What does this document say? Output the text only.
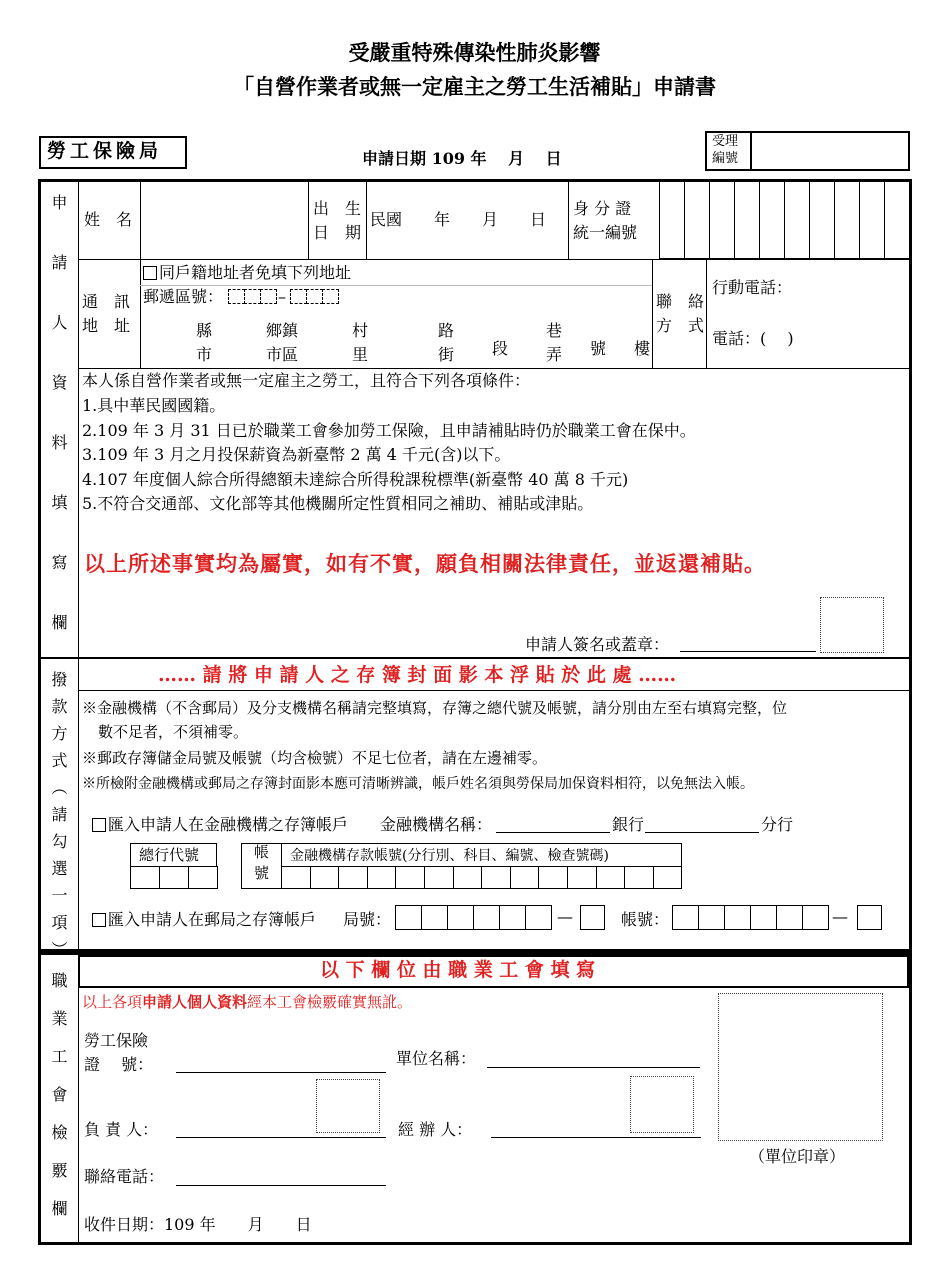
受嚴重特殊傳染性肺炎影響
「自營作業者或無一定雇主之勞工生活補貼」申請書
勞工保險局	申請日期 109 年　 月　 日
受理
編號
申
請
人
資
料
填
寫
欄
姓　名
出　生
日　期
民國　　年　　月　　日
身 分 證
統一編號
通　訊
地　址
同戶籍地址者免填下列地址
郵遞區號：	–
縣	鄉鎮	村	路	巷
市	市區	里	街 段 弄 號 樓
聯　絡
方　式
行動電話：
電話：(　 )
本人係自營作業者或無一定雇主之勞工，且符合下列各項條件：
1.具中華民國國籍。
2.109 年 3 月 31 日已於職業工會參加勞工保險，且申請補貼時仍於職業工會在保中。
3.109 年 3 月之月投保薪資為新臺幣 2 萬 4 千元(含)以下。
4.107 年度個人綜合所得總額未達綜合所得稅課稅標準(新臺幣 40 萬 8 千元)
5.不符合交通部、文化部等其他機關所定性質相同之補助、補貼或津貼。
以上所述事實均為屬實，如有不實，願負相關法律責任，並返還補貼。
申請人簽名或蓋章：
撥
款
方
式
︵
請
勾
選
一
項
︶
…… 請 將 申 請 人 之 存 簿 封 面 影 本 浮 貼 於 此 處 ……
※金融機構（不含郵局）及分支機構名稱請完整填寫，存簿之總代號及帳號，請分別由左至右填寫完整，位
數不足者，不須補零。
※郵政存簿儲金局號及帳號（均含檢號）不足七位者，請在左邊補零。
※所檢附金融機構或郵局之存簿封面影本應可清晰辨識，帳戶姓名須與勞保局加保資料相符，以免無法入帳。
匯入申請人在金融機構之存簿帳戶 金融機構名稱：	銀行	分行
總行代號	帳
號
金融機構存款帳號(分行別、科目、編號、檢查號碼)
匯入申請人在郵局之存簿帳戶 局號：	—	帳號：	—
職
業
工
會
檢
覈
欄
以 下 欄 位 由 職 業 工 會 填 寫
以上各項申請人個人資料經本工會檢覈確實無訛。
勞工保險
證　 號：	單位名稱：
負 責 人：	經 辦 人：
（單位印章）
聯絡電話：
收件日期：109 年　　月　　日
